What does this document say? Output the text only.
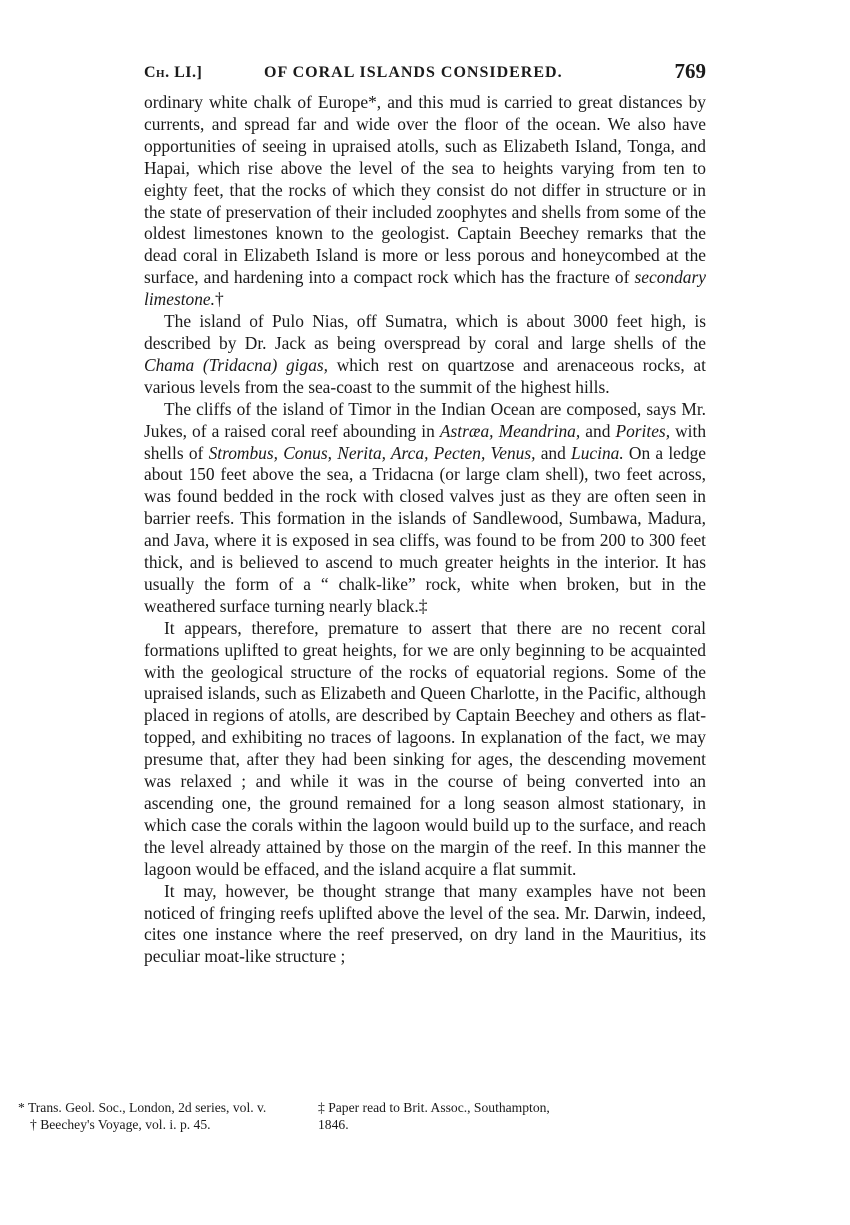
Ch. LI.]	OF CORAL ISLANDS CONSIDERED.	769

ordinary white chalk of Europe*, and this mud is carried to great distances by currents, and spread far and wide over the floor of the ocean. We also have opportunities of seeing in upraised atolls, such as Elizabeth Island, Tonga, and Hapai, which rise above the level of the sea to heights varying from ten to eighty feet, that the rocks of which they consist do not differ in structure or in the state of preservation of their included zoophytes and shells from some of the oldest limestones known to the geologist. Captain Beechey remarks that the dead coral in Elizabeth Island is more or less porous and honeycombed at the surface, and hardening into a compact rock which has the fracture of secondary limestone.†

The island of Pulo Nias, off Sumatra, which is about 3000 feet high, is described by Dr. Jack as being overspread by coral and large shells of the Chama (Tridacna) gigas, which rest on quartzose and arenaceous rocks, at various levels from the sea-coast to the summit of the highest hills.

The cliffs of the island of Timor in the Indian Ocean are composed, says Mr. Jukes, of a raised coral reef abounding in Astræa, Meandrina, and Porites, with shells of Strombus, Conus, Nerita, Arca, Pecten, Venus, and Lucina. On a ledge about 150 feet above the sea, a Tridacna (or large clam shell), two feet across, was found bedded in the rock with closed valves just as they are often seen in barrier reefs. This formation in the islands of Sandlewood, Sumbawa, Madura, and Java, where it is exposed in sea cliffs, was found to be from 200 to 300 feet thick, and is believed to ascend to much greater heights in the interior. It has usually the form of a “ chalk-like” rock, white when broken, but in the weathered surface turning nearly black.‡

It appears, therefore, premature to assert that there are no recent coral formations uplifted to great heights, for we are only beginning to be acquainted with the geological structure of the rocks of equatorial regions. Some of the upraised islands, such as Elizabeth and Queen Charlotte, in the Pacific, although placed in regions of atolls, are described by Captain Beechey and others as flat-topped, and exhibiting no traces of lagoons. In explanation of the fact, we may presume that, after they had been sinking for ages, the descending movement was relaxed ; and while it was in the course of being converted into an ascending one, the ground remained for a long season almost stationary, in which case the corals within the lagoon would build up to the surface, and reach the level already attained by those on the margin of the reef. In this manner the lagoon would be effaced, and the island acquire a flat summit.

It may, however, be thought strange that many examples have not been noticed of fringing reefs uplifted above the level of the sea. Mr. Darwin, indeed, cites one instance where the reef preserved, on dry land in the Mauritius, its peculiar moat-like structure ;

* Trans. Geol. Soc., London, 2d series, vol. v.
† Beechey's Voyage, vol. i. p. 45.
‡ Paper read to Brit. Assoc., Southampton, 1846.
